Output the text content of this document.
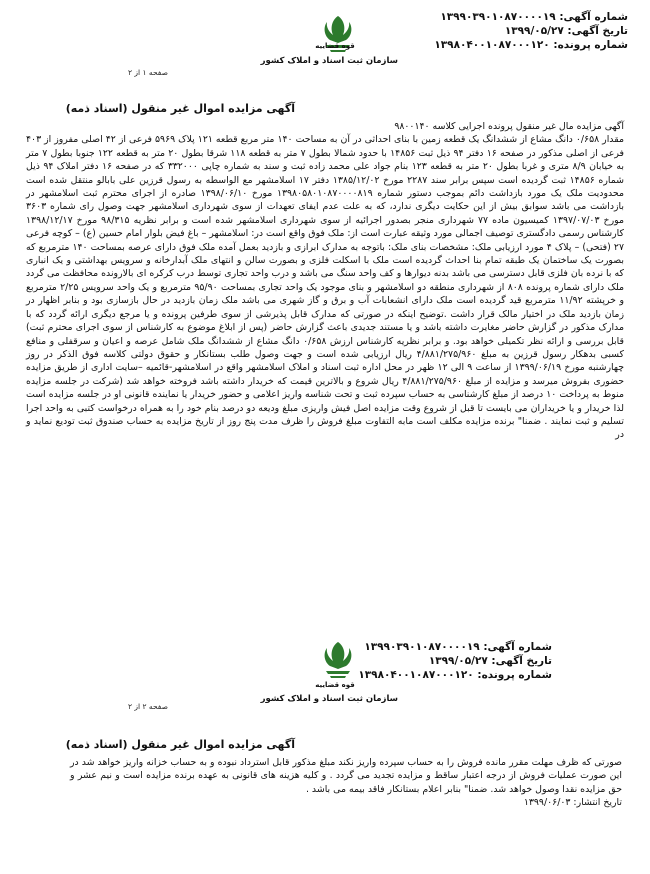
شماره آگهی: ۱۳۹۹۰۳۹۰۱۰۸۷۰۰۰۰۱۹
تاریخ آگهی: ۱۳۹۹/۰۵/۲۷
شماره پرونده: ۱۳۹۸۰۴۰۰۱۰۸۷۰۰۰۱۲۰
قوه قضاییه
سازمان ثبت اسناد و املاک کشور
صفحه ۱ از ۲
آگهی مزایده اموال غیر منقول (اسناد ذمه)

آگهی مزایده مال غیر منقول پرونده اجرایی کلاسه ۹۸۰۰۱۴۰

مقدار ۰/۶۵۸ دانگ مشاع از ششدانگ یک قطعه زمین با بنای احداثی در آن به مساحت ۱۴۰ متر مربع قطعه ۱۲۱ پلاک ۵۹۶۹ فرعی از ۴۲ اصلی مفروز از ۴۰۳ فرعی از اصلی مذکور در صفحه ۱۶ دفتر ۹۴ ذیل ثبت ۱۴۸۵۶ با حدود شمالا بطول ۷ متر به قطعه ۱۱۸ شرقا بطول ۲۰ متر به قطعه ۱۲۲ جنوبا بطول ۷ متر به خیابان ۸/۹ متری و غربا بطول ۲۰ متر به قطعه ۱۲۳ بنام جواد علی محمد زاده ثبت و سند به شماره چاپی ۳۳۲۰۰۰ که در صفحه ۱۶ دفتر املاک ۹۴ ذیل شماره ۱۴۸۵۶ ثبت گردیده است سپس برابر سند ۲۲۸۷ مورخ ۱۳۸۵/۱۲/۰۲ دفتر ۱۷ اسلامشهر مع الواسطه به رسول قرزین علی بابالو منتقل شده است محدودیت ملک یک مورد بازداشت دائم بموجب دستور شماره ۱۳۹۸۰۵۸۰۱۰۸۷۰۰۰۰۸۱۹ مورخ ۱۳۹۸/۰۶/۱۰ صادره از اجرای محترم ثبت اسلامشهر در بازداشت می باشد سوابق بیش از این حکایت دیگری ندارد، که به علت عدم ایفای تعهدات از سوی شهرداری اسلامشهر جهت وصول رای شماره ۳۶۰۳ مورخ ۱۳۹۷/۰۷/۰۳ کمیسیون ماده ۷۷ شهرداری منجر بصدور اجرائیه از سوی شهرداری اسلامشهر شده است و برابر نظریه ۹۸/۳۱۵ مورخ ۱۳۹۸/۱۲/۱۷ کارشناس رسمی دادگستری توصیف اجمالی مورد وثیقه عبارت است از: ملک فوق واقع است در: اسلامشهر – باغ فیض بلوار امام حسین (ع) – کوچه فرعی ۲۷ (فتحی) – پلاک ۴ مورد ارزیابی ملک: مشخصات بنای ملک: باتوجه به مدارک ابرازی و بازدید بعمل آمده ملک فوق دارای عرصه بمساحت ۱۴۰ مترمربع که بصورت یک ساختمان یک طبقه تمام بنا احداث گردیده است ملک با اسکلت فلزی و بصورت سالن و انتهای ملک آبدارخانه و سرویس بهداشتی و یک انباری که با نرده بان فلزی قابل دسترسی می باشد بدنه دیوارها و کف واحد سنگ می باشد و درب واحد تجاری توسط درب کرکره ای بالارونده محافظت می گردد ملک دارای شماره پرونده ۸۰۸ از شهرداری منطقه دو اسلامشهر و بنای موجود یک واحد تجاری بمساحت ۹۵/۹۰ مترمربع و یک واحد سرویس ۲/۲۵ مترمربع و خرپشته ۱۱/۹۲ مترمربع قید گردیده است ملک دارای انشعابات آب و برق و گاز شهری می باشد ملک زمان بازدید در حال بازسازی بود و بنابر اظهار در زمان بازدید ملک در اختیار مالک قرار داشت .توضیح اینکه در صورتی که مدارک قابل پذیرشی از سوی طرفین پرونده و یا مرجع دیگری ارائه گردد که با مدارک مذکور در گزارش حاضر مغایرت داشته باشد و یا مستند جدیدی باعث گزارش حاضر (پس از ابلاغ موضوع به کارشناس از سوی اجرای محترم ثبت) قابل بررسی و ارائه نظر تکمیلی خواهد بود. و برابر نظریه کارشناس ارزش ۰/۶۵۸ دانگ مشاع از ششدانگ ملک شامل عرصه و اعیان و سرقفلی و منافع کسبی بدهکار رسول قرزین به مبلغ ۴/۸۸۱/۲۷۵/۹۶۰ ریال ارزیابی شده است و جهت وصول طلب بستانکار و حقوق دولتی کلاسه فوق الذکر در روز چهارشنبه مورخ ۱۳۹۹/۰۶/۱۹ از ساعت ۹ الی ۱۲ ظهر در محل اداره ثبت اسناد و املاک اسلامشهر واقع در اسلامشهر-قائمیه –سایت اداری از طریق مزایده حضوری بفروش میرسد و مزایده از مبلغ ۴/۸۸۱/۲۷۵/۹۶۰ ریال شروع و بالاترین قیمت که خریدار داشته باشد فروخته خواهد شد (شرکت در جلسه مزایده منوط به پرداخت ۱۰ درصد از مبلغ کارشناسی به حساب سپرده ثبت و تحت شناسه واریز اعلامی و حضور خریدار یا نماینده قانونی او در جلسه مزایده است لذا خریدار و یا خریداران می بایست تا قبل از شروع وقت مزایده اصل فیش واریزی مبلغ ودیعه دو درصد بنام خود را به همراه درخواست کتبی به واحد اجرا تسلیم و ثبت نمایند . ضمنا" برنده مزایده مکلف است مابه التفاوت مبلغ فروش را ظرف مدت پنج روز از تاریخ مزایده به حساب صندوق ثبت تودیع نماید و در

شماره آگهی: ۱۳۹۹۰۳۹۰۱۰۸۷۰۰۰۰۱۹
تاریخ آگهی: ۱۳۹۹/۰۵/۲۷
شماره پرونده: ۱۳۹۸۰۴۰۰۱۰۸۷۰۰۰۱۲۰
قوه قضاییه
سازمان ثبت اسناد و املاک کشور
صفحه ۲ از ۲
آگهی مزایده اموال غیر منقول (اسناد ذمه)

صورتی که ظرف مهلت مقرر مانده فروش را به حساب سپرده واریز نکند مبلغ مذکور قابل استرداد نبوده و به حساب خزانه واریز خواهد شد در این صورت عملیات فروش از درجه اعتبار ساقط و مزایده تجدید می گردد . و کلیه هزینه های قانونی به عهده برنده مزایده است و نیم عشر و حق مزایده نقدا وصول خواهد شد. ضمنا" بنابر اعلام بستانکار فاقد بیمه می باشد .

تاریخ انتشار: ۱۳۹۹/۰۶/۰۳
